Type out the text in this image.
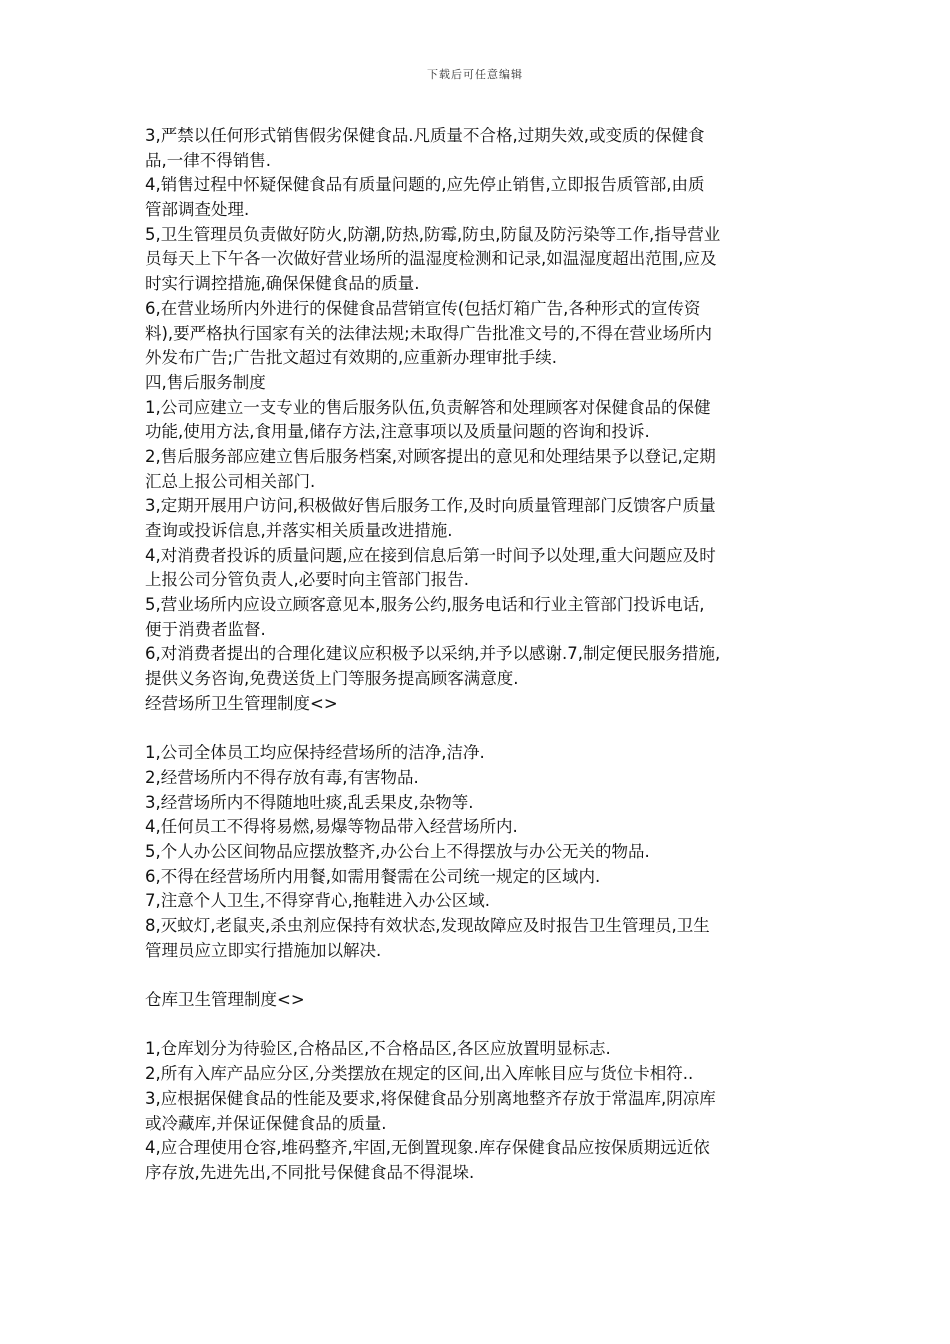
下载后可任意编辑
3,严禁以任何形式销售假劣保健食品.凡质量不合格,过期失效,或变质的保健食
品,一律不得销售.
4,销售过程中怀疑保健食品有质量问题的,应先停止销售,立即报告质管部,由质
管部调查处理.
5,卫生管理员负责做好防火,防潮,防热,防霉,防虫,防鼠及防污染等工作,指导营业
员每天上下午各一次做好营业场所的温湿度检测和记录,如温湿度超出范围,应及
时实行调控措施,确保保健食品的质量.
6,在营业场所内外进行的保健食品营销宣传(包括灯箱广告,各种形式的宣传资
料),要严格执行国家有关的法律法规;未取得广告批准文号的,不得在营业场所内
外发布广告;广告批文超过有效期的,应重新办理审批手续.
四,售后服务制度
1,公司应建立一支专业的售后服务队伍,负责解答和处理顾客对保健食品的保健
功能,使用方法,食用量,储存方法,注意事项以及质量问题的咨询和投诉.
2,售后服务部应建立售后服务档案,对顾客提出的意见和处理结果予以登记,定期
汇总上报公司相关部门.
3,定期开展用户访问,积极做好售后服务工作,及时向质量管理部门反馈客户质量
查询或投诉信息,并落实相关质量改进措施.
4,对消费者投诉的质量问题,应在接到信息后第一时间予以处理,重大问题应及时
上报公司分管负责人,必要时向主管部门报告.
5,营业场所内应设立顾客意见本,服务公约,服务电话和行业主管部门投诉电话,
便于消费者监督.
6,对消费者提出的合理化建议应积极予以采纳,并予以感谢.7,制定便民服务措施,
提供义务咨询,免费送货上门等服务提高顾客满意度.
经营场所卫生管理制度<>
1,公司全体员工均应保持经营场所的洁净,洁净.
2,经营场所内不得存放有毒,有害物品.
3,经营场所内不得随地吐痰,乱丢果皮,杂物等.
4,任何员工不得将易燃,易爆等物品带入经营场所内.
5,个人办公区间物品应摆放整齐,办公台上不得摆放与办公无关的物品.
6,不得在经营场所内用餐,如需用餐需在公司统一规定的区域内.
7,注意个人卫生,不得穿背心,拖鞋进入办公区域.
8,灭蚊灯,老鼠夹,杀虫剂应保持有效状态,发现故障应及时报告卫生管理员,卫生
管理员应立即实行措施加以解决.
仓库卫生管理制度<>
1,仓库划分为待验区,合格品区,不合格品区,各区应放置明显标志.
2,所有入库产品应分区,分类摆放在规定的区间,出入库帐目应与货位卡相符..
3,应根据保健食品的性能及要求,将保健食品分别离地整齐存放于常温库,阴凉库
或冷藏库,并保证保健食品的质量.
4,应合理使用仓容,堆码整齐,牢固,无倒置现象.库存保健食品应按保质期远近依
序存放,先进先出,不同批号保健食品不得混垛.
